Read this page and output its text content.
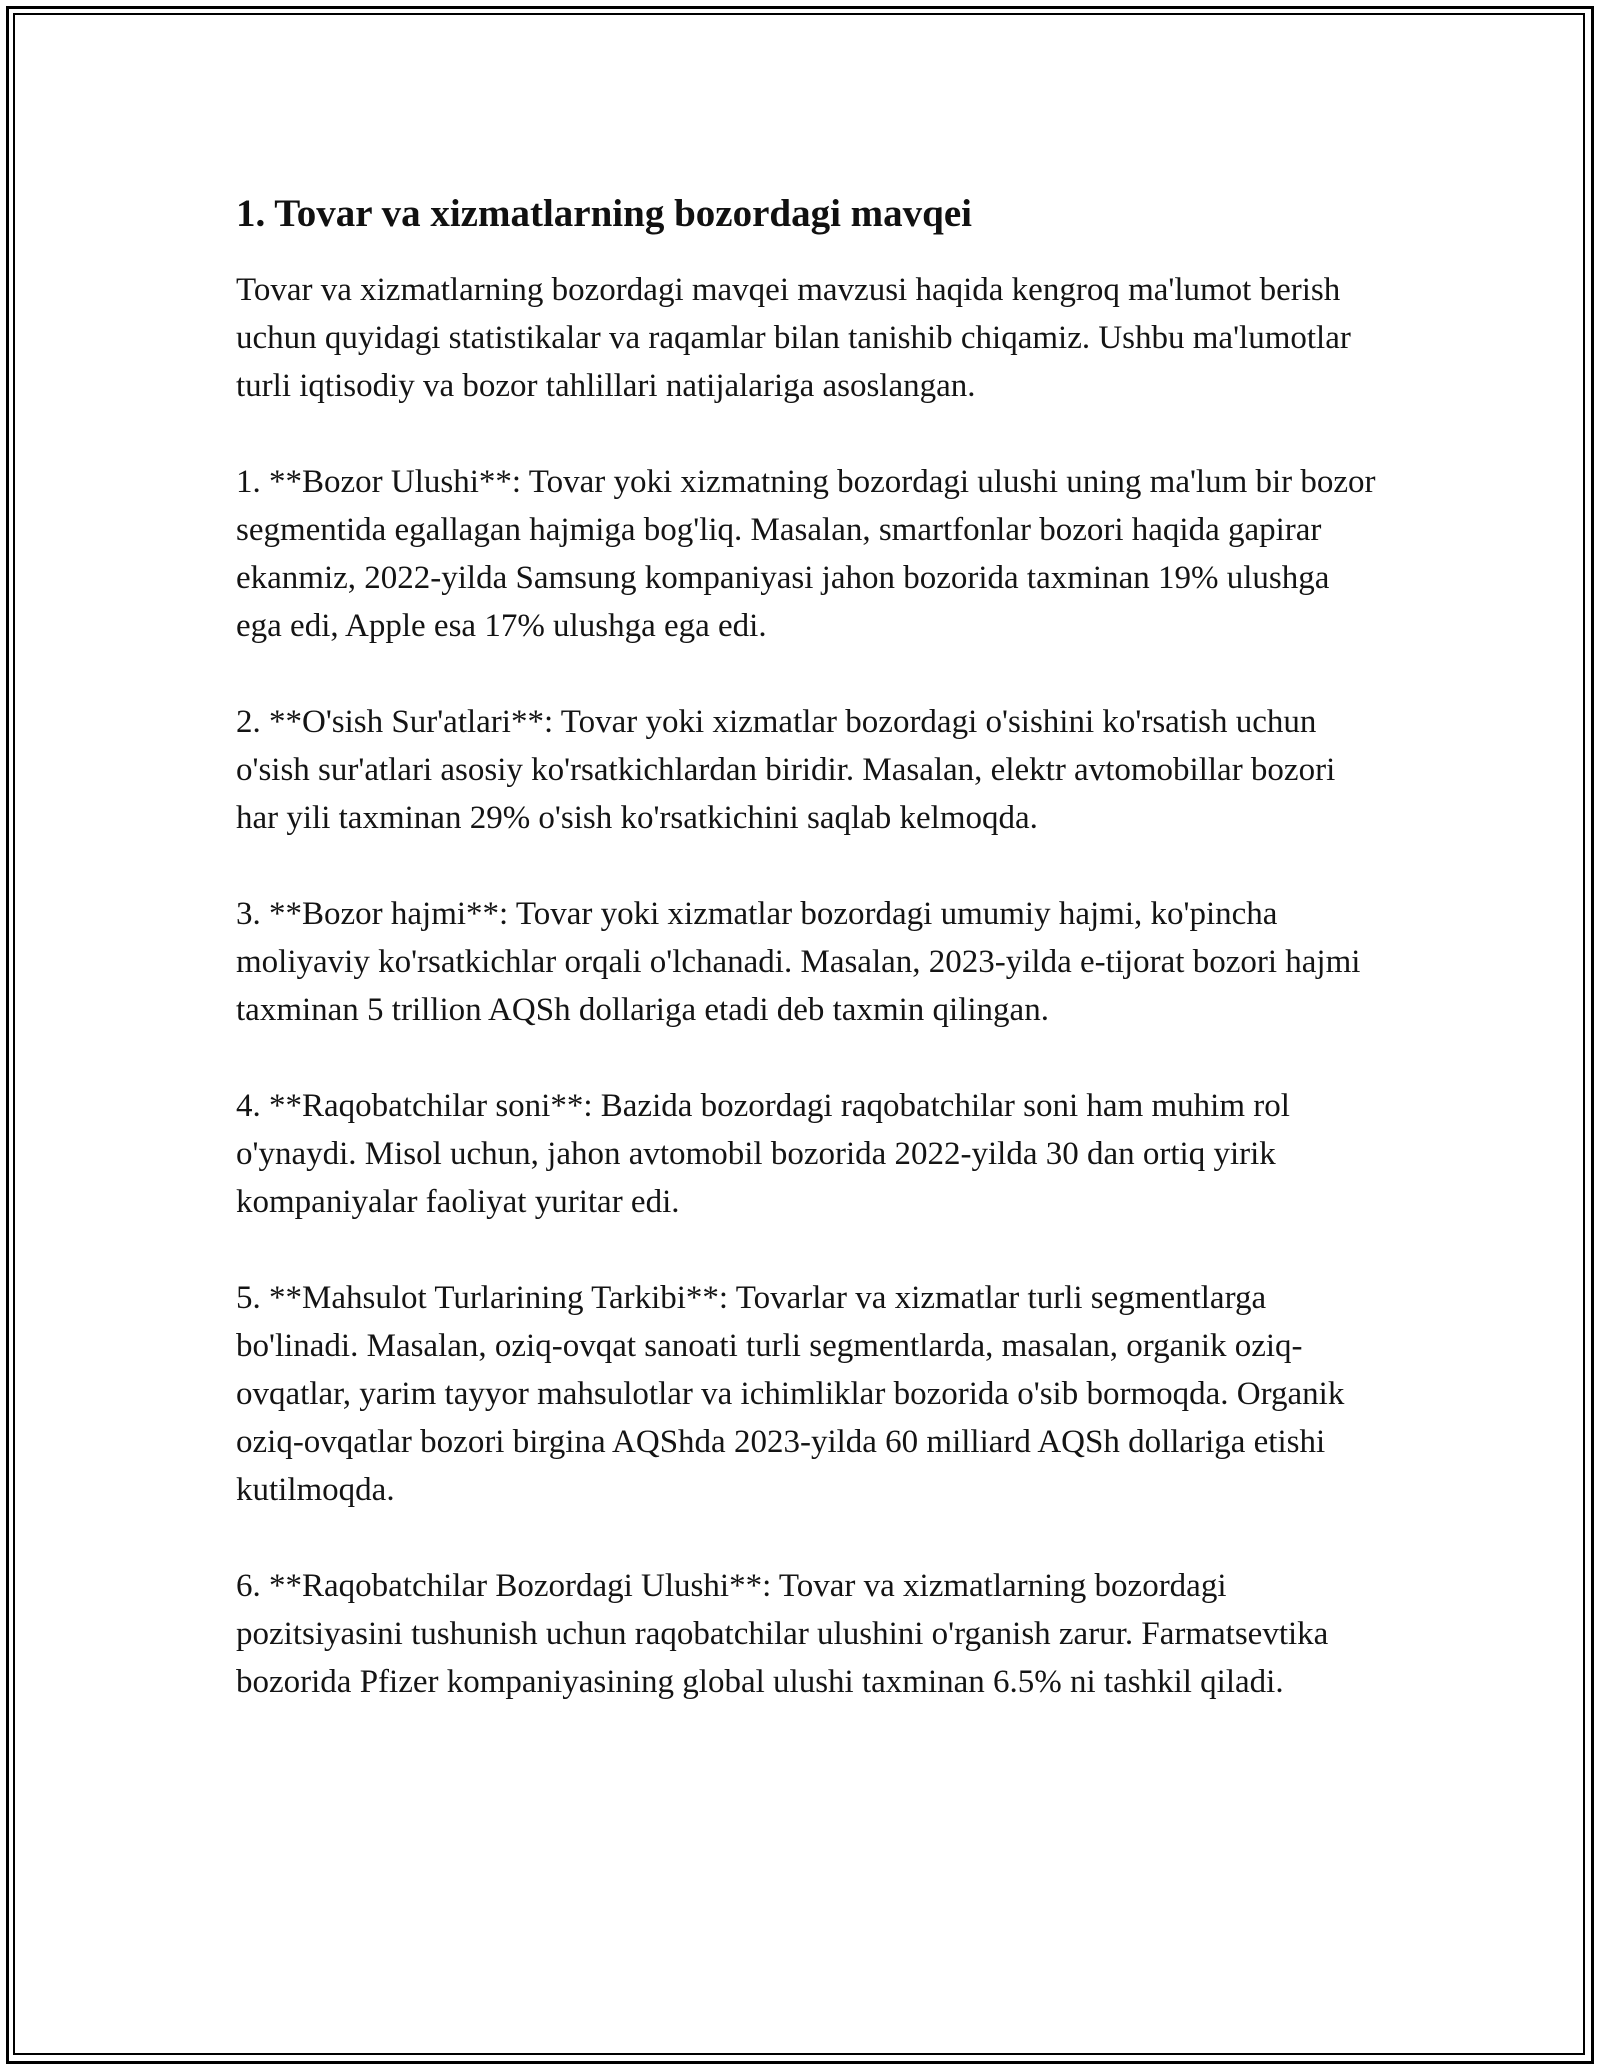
1. Tovar va xizmatlarning bozordagi mavqei

Tovar va xizmatlarning bozordagi mavqei mavzusi haqida kengroq ma'lumot berish uchun quyidagi statistikalar va raqamlar bilan tanishib chiqamiz. Ushbu ma'lumotlar turli iqtisodiy va bozor tahlillari natijalariga asoslangan.

1. **Bozor Ulushi**: Tovar yoki xizmatning bozordagi ulushi uning ma'lum bir bozor segmentida egallagan hajmiga bog'liq. Masalan, smartfonlar bozori haqida gapirar ekanmiz, 2022-yilda Samsung kompaniyasi jahon bozorida taxminan 19% ulushga ega edi, Apple esa 17% ulushga ega edi.

2. **O'sish Sur'atlari**: Tovar yoki xizmatlar bozordagi o'sishini ko'rsatish uchun o'sish sur'atlari asosiy ko'rsatkichlardan biridir. Masalan, elektr avtomobillar bozori har yili taxminan 29% o'sish ko'rsatkichini saqlab kelmoqda.

3. **Bozor hajmi**: Tovar yoki xizmatlar bozordagi umumiy hajmi, ko'pincha moliyaviy ko'rsatkichlar orqali o'lchanadi. Masalan, 2023-yilda e-tijorat bozori hajmi taxminan 5 trillion AQSh dollariga etadi deb taxmin qilingan.

4. **Raqobatchilar soni**: Bazida bozordagi raqobatchilar soni ham muhim rol o'ynaydi. Misol uchun, jahon avtomobil bozorida 2022-yilda 30 dan ortiq yirik kompaniyalar faoliyat yuritar edi.

5. **Mahsulot Turlarining Tarkibi**: Tovarlar va xizmatlar turli segmentlarga bo'linadi. Masalan, oziq-ovqat sanoati turli segmentlarda, masalan, organik oziq-ovqatlar, yarim tayyor mahsulotlar va ichimliklar bozorida o'sib bormoqda. Organik oziq-ovqatlar bozori birgina AQShda 2023-yilda 60 milliard AQSh dollariga etishi kutilmoqda.

6. **Raqobatchilar Bozordagi Ulushi**: Tovar va xizmatlarning bozordagi pozitsiyasini tushunish uchun raqobatchilar ulushini o'rganish zarur. Farmatsevtika bozorida Pfizer kompaniyasining global ulushi taxminan 6.5% ni tashkil qiladi.
